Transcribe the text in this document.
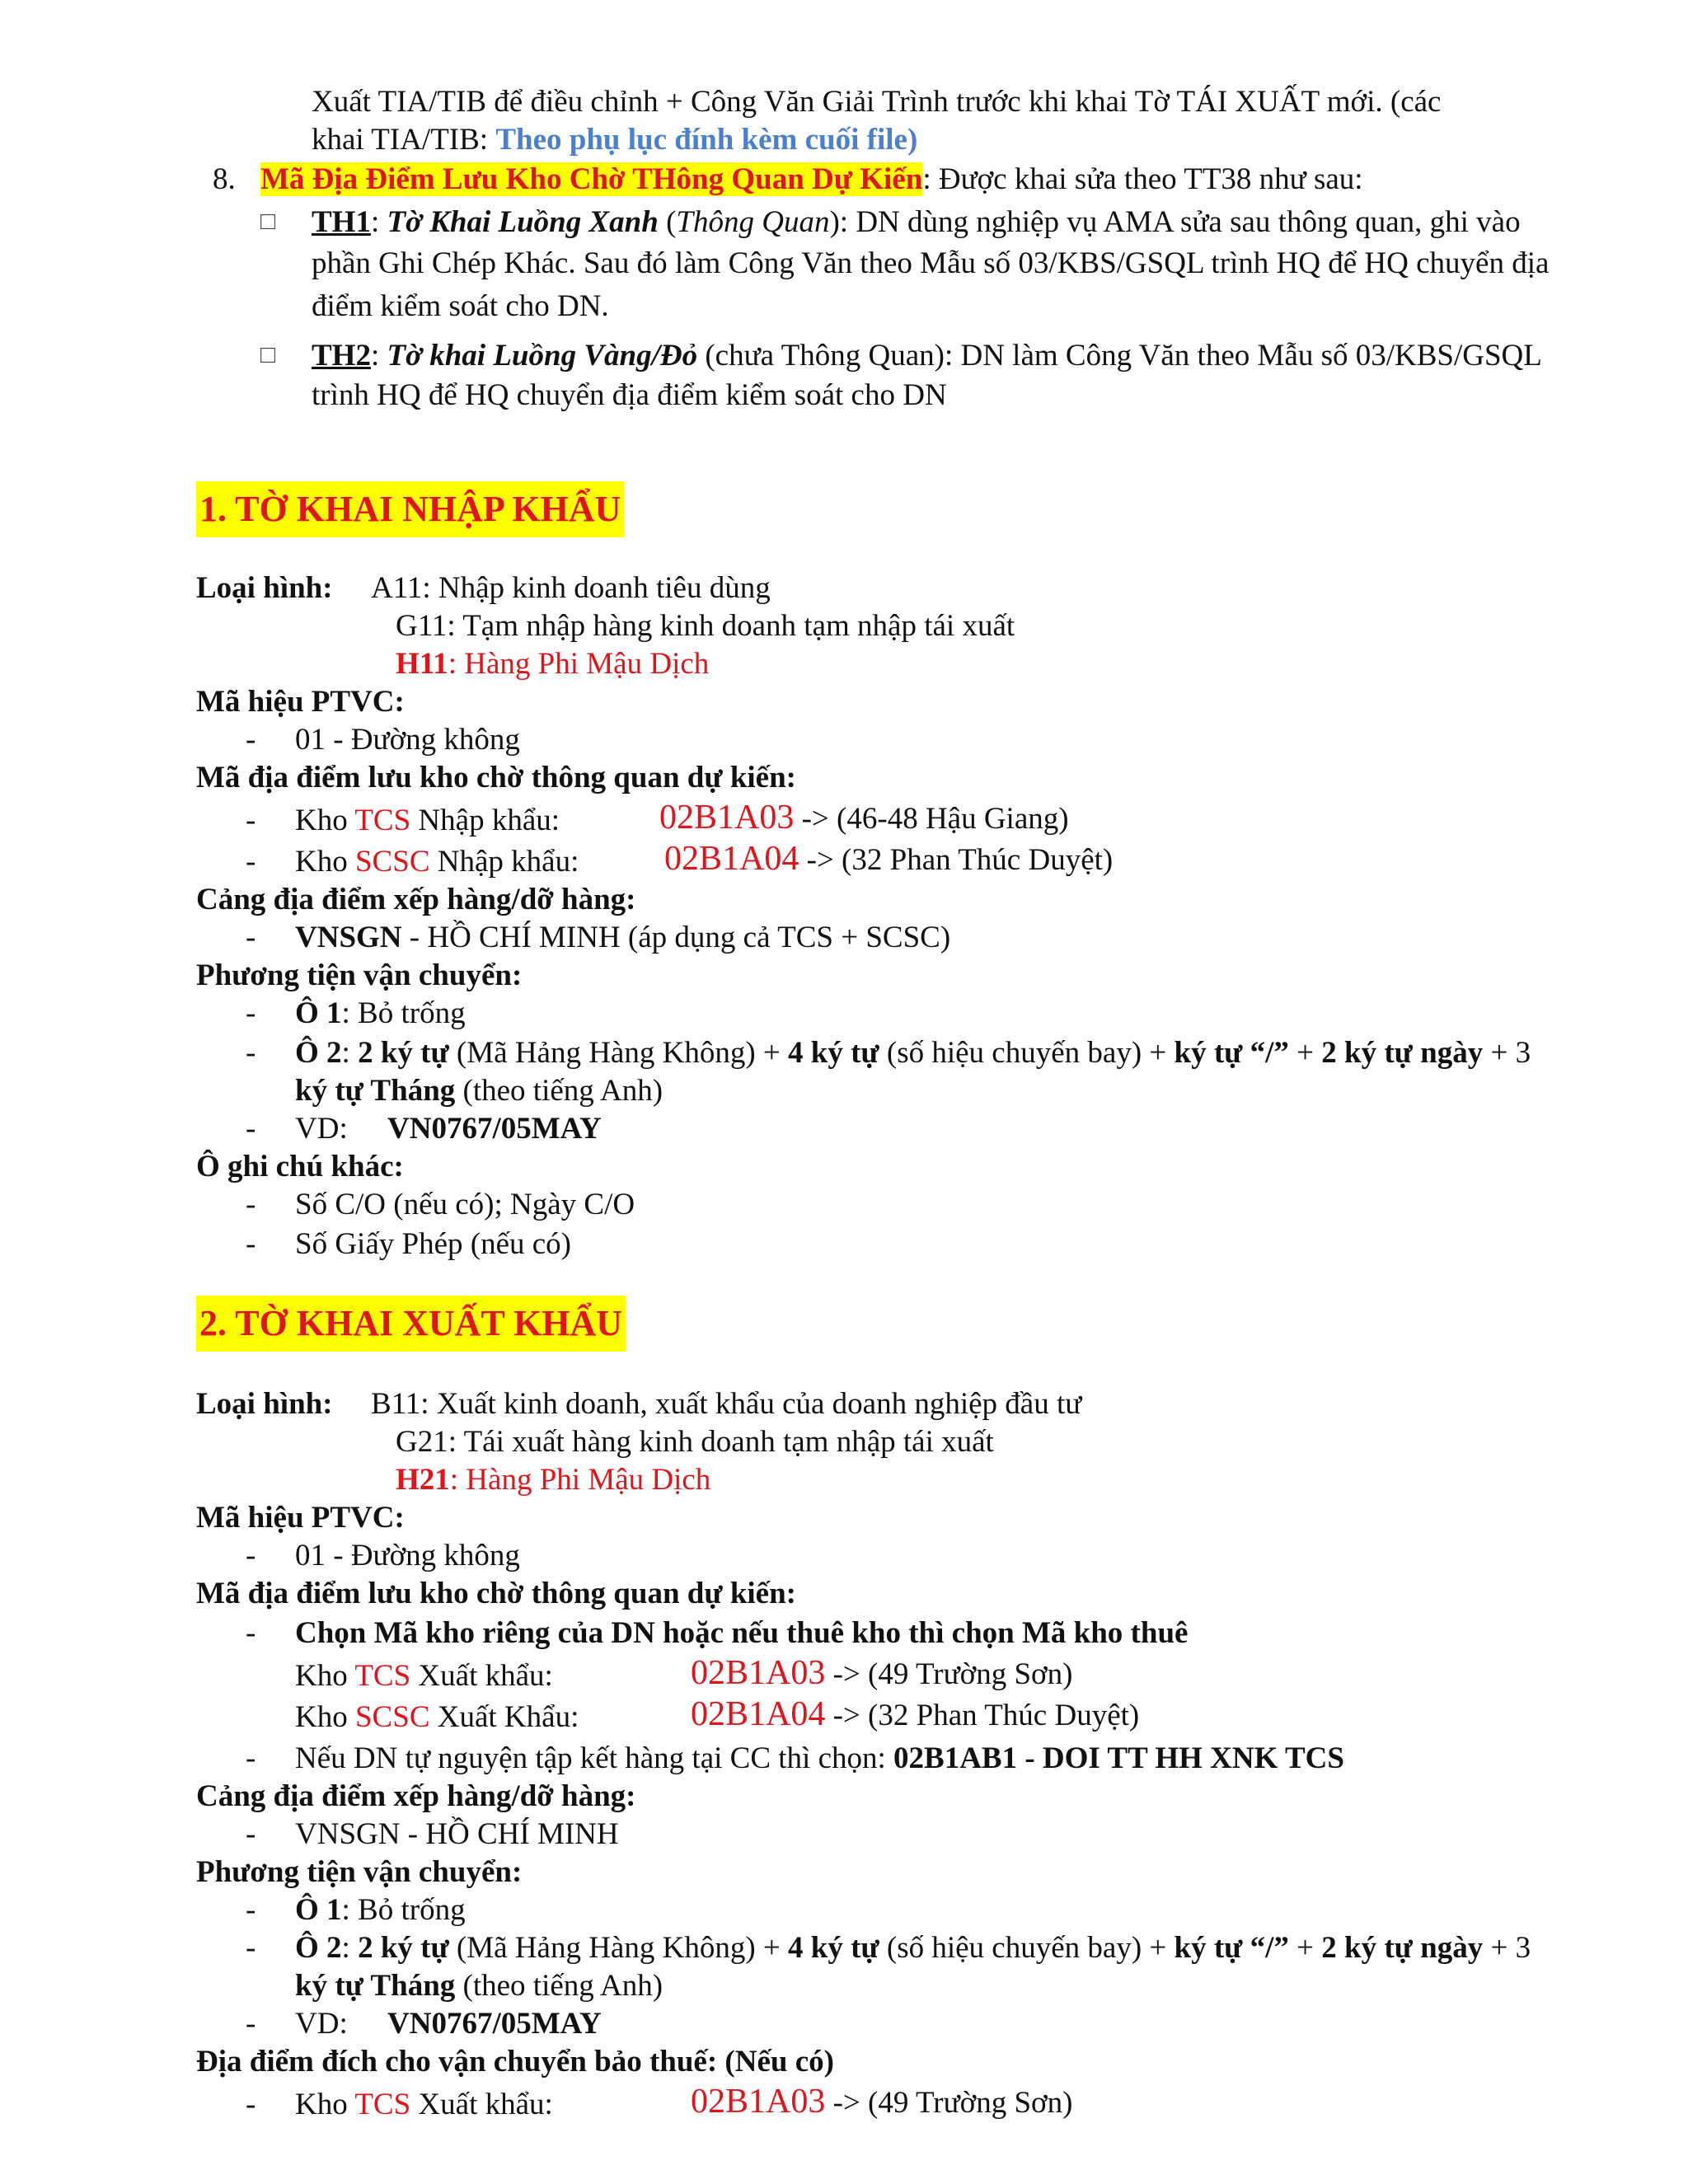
Xuất TIA/TIB để điều chỉnh + Công Văn Giải Trình trước khi khai Tờ TÁI XUẤT mới. (các
khai TIA/TIB: Theo phụ lục đính kèm cuối file)
8. Mã Địa Điểm Lưu Kho Chờ THông Quan Dự Kiến: Được khai sửa theo TT38 như sau:
□ TH1: Tờ Khai Luồng Xanh (Thông Quan): DN dùng nghiệp vụ AMA sửa sau thông quan, ghi vào
phần Ghi Chép Khác. Sau đó làm Công Văn theo Mẫu số 03/KBS/GSQL trình HQ để HQ chuyển địa
điểm kiểm soát cho DN.
□ TH2: Tờ khai Luồng Vàng/Đỏ (chưa Thông Quan): DN làm Công Văn theo Mẫu số 03/KBS/GSQL
trình HQ để HQ chuyển địa điểm kiểm soát cho DN
1. TỜ KHAI NHẬP KHẨU
Loại hình: A11: Nhập kinh doanh tiêu dùng
G11: Tạm nhập hàng kinh doanh tạm nhập tái xuất
H11: Hàng Phi Mậu Dịch
Mã hiệu PTVC:
- 01 - Đường không
Mã địa điểm lưu kho chờ thông quan dự kiến:
- Kho TCS Nhập khẩu:	02B1A03 -> (46-48 Hậu Giang)
- Kho SCSC Nhập khẩu: 02B1A04 -> (32 Phan Thúc Duyệt)
Cảng địa điểm xếp hàng/dỡ hàng:
- VNSGN - HỒ CHÍ MINH (áp dụng cả TCS + SCSC)
Phương tiện vận chuyển:
- Ô 1: Bỏ trống
- Ô 2: 2 ký tự (Mã Hảng Hàng Không) + 4 ký tự (số hiệu chuyến bay) + ký tự “/” + 2 ký tự ngày + 3
ký tự Tháng (theo tiếng Anh)
- VD: VN0767/05MAY
Ô ghi chú khác:
- Số C/O (nếu có); Ngày C/O
- Số Giấy Phép (nếu có)
2. TỜ KHAI XUẤT KHẨU
Loại hình: B11: Xuất kinh doanh, xuất khẩu của doanh nghiệp đầu tư
G21: Tái xuất hàng kinh doanh tạm nhập tái xuất
H21: Hàng Phi Mậu Dịch
Mã hiệu PTVC:
- 01 - Đường không
Mã địa điểm lưu kho chờ thông quan dự kiến:
- Chọn Mã kho riêng của DN hoặc nếu thuê kho thì chọn Mã kho thuê
Kho TCS Xuất khẩu:	02B1A03 -> (49 Trường Sơn)
Kho SCSC Xuất Khẩu:	02B1A04 -> (32 Phan Thúc Duyệt)
- Nếu DN tự nguyện tập kết hàng tại CC thì chọn: 02B1AB1 - DOI TT HH XNK TCS
Cảng địa điểm xếp hàng/dỡ hàng:
- VNSGN - HỒ CHÍ MINH
Phương tiện vận chuyển:
- Ô 1: Bỏ trống
- Ô 2: 2 ký tự (Mã Hảng Hàng Không) + 4 ký tự (số hiệu chuyến bay) + ký tự “/” + 2 ký tự ngày + 3
ký tự Tháng (theo tiếng Anh)
- VD: VN0767/05MAY
Địa điểm đích cho vận chuyển bảo thuế: (Nếu có)
- Kho TCS Xuất khẩu:	02B1A03 -> (49 Trường Sơn)
